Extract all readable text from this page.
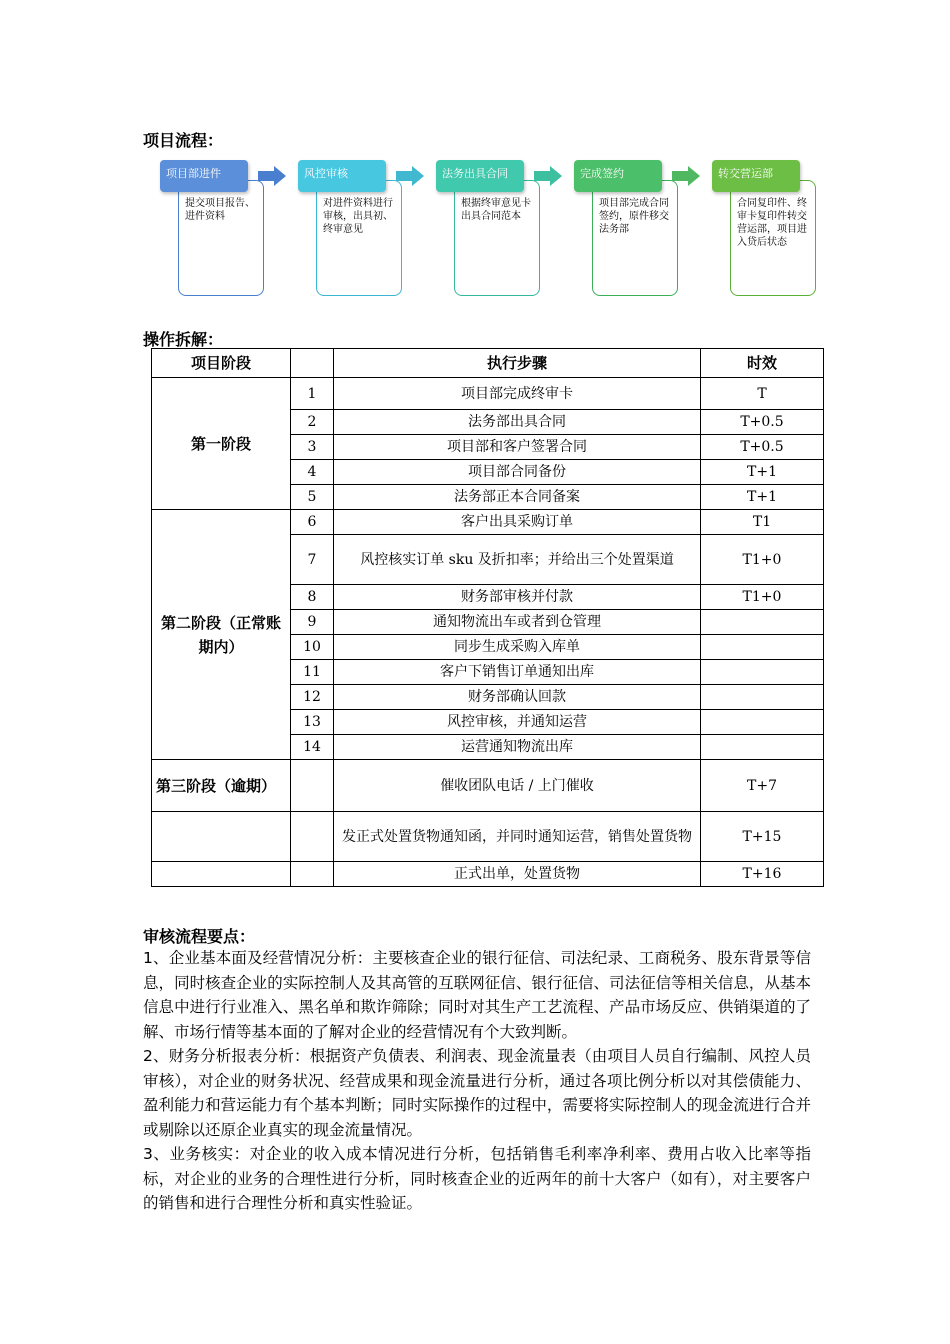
项目流程：
提交项目报告、进件资料
项目部进件
对进件资料进行审核，出具初、终审意见
风控审核
根据终审意见卡出具合同范本
法务出具合同
项目部完成合同签约，原件移交法务部
完成签约
合同复印件、终审卡复印件转交营运部，项目进入贷后状态
转交营运部
操作拆解：
项目阶段		执行步骤	时效
第一阶段	1	项目部完成终审卡	T
	2	法务部出具合同	T+0.5
	3	项目部和客户签署合同	T+0.5
	4	项目部合同备份	T+1
	5	法务部正本合同备案	T+1
第二阶段（正常账期内）	6	客户出具采购订单	T1
	7	风控核实订单 sku 及折扣率；并给出三个处置渠道	T1+0
	8	财务部审核并付款	T1+0
	9	通知物流出车或者到仓管理	
	10	同步生成采购入库单	
	11	客户下销售订单通知出库	
	12	财务部确认回款	
	13	风控审核，并通知运营	
	14	运营通知物流出库	
第三阶段（逾期）		催收团队电话 / 上门催收	T+7
		发正式处置货物通知函，并同时通知运营，销售处置货物	T+15
		正式出单，处置货物	T+16
审核流程要点：

1、企业基本面及经营情况分析：主要核查企业的银行征信、司法纪录、工商税务、股东背景等信息，同时核查企业的实际控制人及其高管的互联网征信、银行征信、司法征信等相关信息，从基本信息中进行行业准入、黑名单和欺诈筛除；同时对其生产工艺流程、产品市场反应、供销渠道的了解、市场行情等基本面的了解对企业的经营情况有个大致判断。

2、财务分析报表分析：根据资产负债表、利润表、现金流量表（由项目人员自行编制、风控人员审核），对企业的财务状况、经营成果和现金流量进行分析，通过各项比例分析以对其偿债能力、盈利能力和营运能力有个基本判断；同时实际操作的过程中，需要将实际控制人的现金流进行合并或剔除以还原企业真实的现金流量情况。

3、业务核实：对企业的收入成本情况进行分析，包括销售毛利率净利率、费用占收入比率等指标，对企业的业务的合理性进行分析，同时核查企业的近两年的前十大客户（如有），对主要客户的销售和进行合理性分析和真实性验证。
